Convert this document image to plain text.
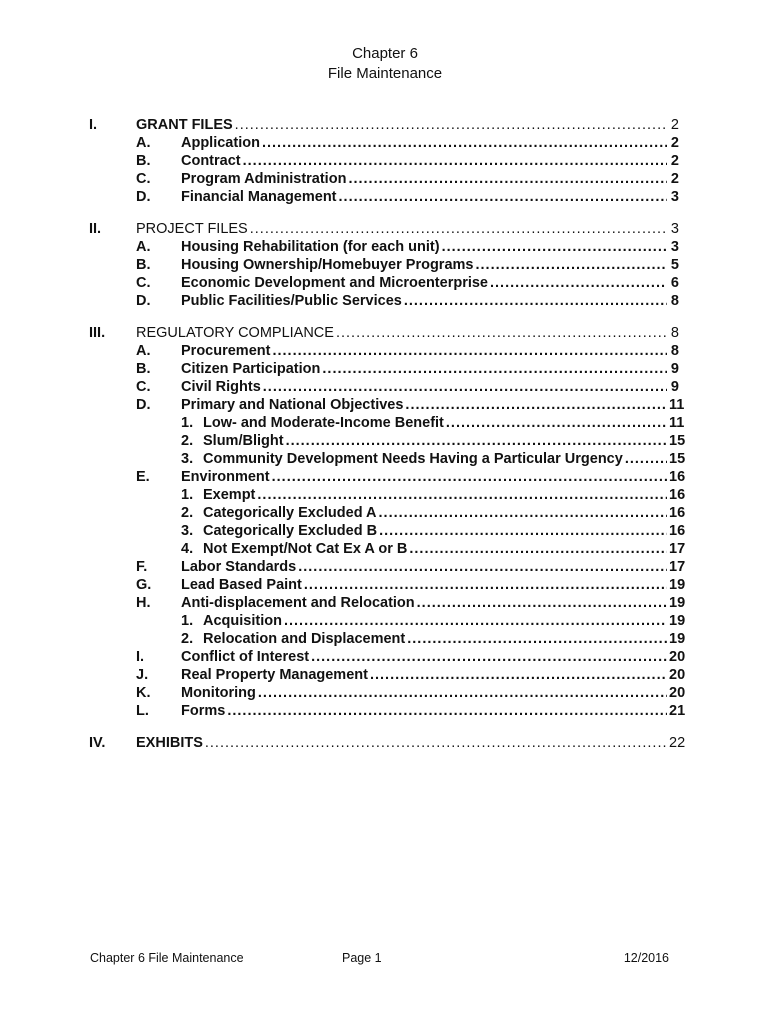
Chapter 6
File Maintenance
I.	GRANT FILES .....	2
A. Application .....	2
B. Contract .....	2
C. Program Administration .....	2
D. Financial Management .....	3
II. PROJECT FILES .....	3
A. Housing Rehabilitation (for each unit) .....	3
B. Housing Ownership/Homebuyer Programs .....	5
C. Economic Development and Microenterprise .....	6
D. Public Facilities/Public Services .....	8
III. REGULATORY COMPLIANCE .....	8
A. Procurement .....	8
B. Citizen Participation .....	9
C. Civil Rights .....	9
D. Primary and National Objectives .....	11
1. Low- and Moderate-Income Benefit .....	11
2. Slum/Blight .....	15
3. Community Development Needs Having a Particular Urgency .....	15
E. Environment .....	16
1. Exempt .....	16
2. Categorically Excluded A .....	16
3. Categorically Excluded B .....	16
4. Not Exempt/Not Cat Ex A or B .....	17
F. Labor Standards .....	17
G. Lead Based Paint .....	19
H. Anti-displacement and Relocation .....	19
1. Acquisition .....	19
2. Relocation and Displacement .....	19
I.	Conflict of Interest .....	20
J. Real Property Management .....	20
K. Monitoring .....	20
L. Forms .....	21
IV. EXHIBITS .....	22
Chapter 6 File Maintenance	Page 1	12/2016
